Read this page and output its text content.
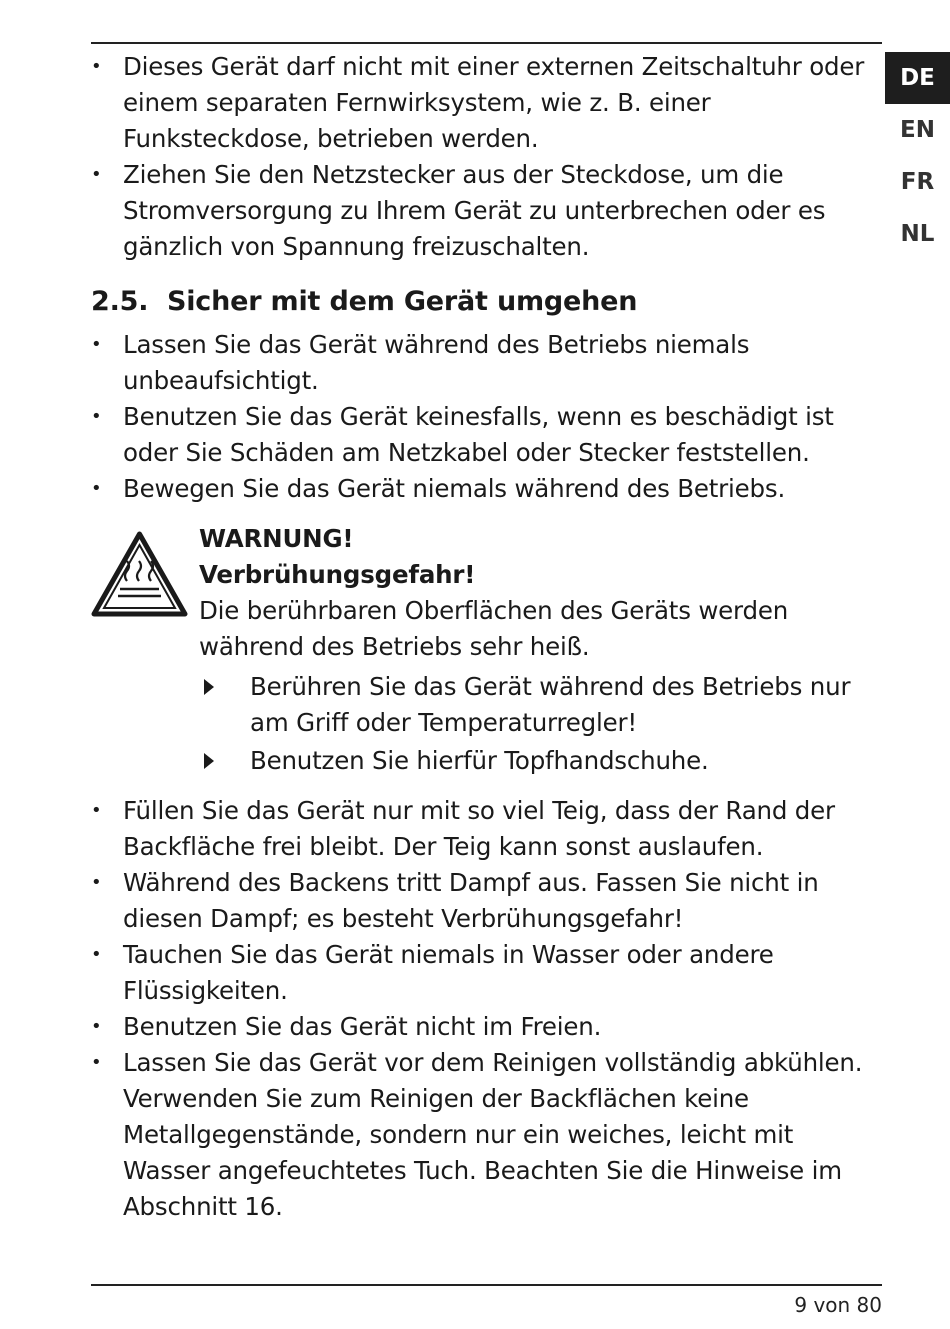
DE
EN
FR
NL
• Dieses Gerät darf nicht mit einer externen Zeitschaltuhr oder einem separaten Fernwirksystem, wie z. B. einer Funksteckdose, betrieben werden.
• Ziehen Sie den Netzstecker aus der Steckdose, um die Stromversorgung zu Ihrem Gerät zu unterbrechen oder es gänzlich von Spannung freizuschalten.
2.5. Sicher mit dem Gerät umgehen
• Lassen Sie das Gerät während des Betriebs niemals unbeaufsichtigt.
• Benutzen Sie das Gerät keinesfalls, wenn es beschädigt ist oder Sie Schäden am Netzkabel oder Stecker feststellen.
• Bewegen Sie das Gerät niemals während des Betriebs.
WARNUNG!
Verbrühungsgefahr!
Die berührbaren Oberflächen des Geräts werden während des Betriebs sehr heiß.
Berühren Sie das Gerät während des Betriebs nur am Griff oder Temperaturregler!
Benutzen Sie hierfür Topfhandschuhe.
• Füllen Sie das Gerät nur mit so viel Teig, dass der Rand der Backfläche frei bleibt. Der Teig kann sonst auslaufen.
• Während des Backens tritt Dampf aus. Fassen Sie nicht in diesen Dampf; es besteht Verbrühungsgefahr!
• Tauchen Sie das Gerät niemals in Wasser oder andere Flüssigkeiten.
• Benutzen Sie das Gerät nicht im Freien.
• Lassen Sie das Gerät vor dem Reinigen vollständig abkühlen. Verwenden Sie zum Reinigen der Backflächen keine Metallgegenstände, sondern nur ein weiches, leicht mit Wasser angefeuchtetes Tuch. Beachten Sie die Hinweise im Abschnitt 16.
9 von 80
